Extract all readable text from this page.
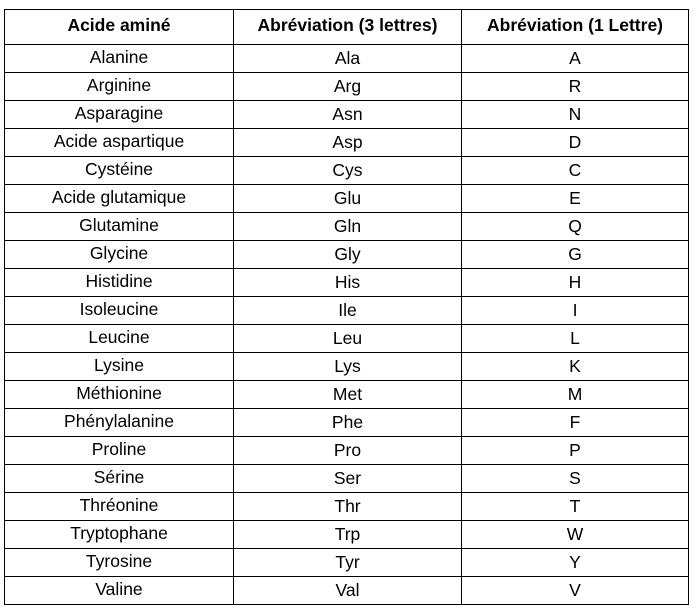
Acide aminé	Abréviation (3 lettres)	Abréviation (1 Lettre)
Alanine	Ala	A
Arginine	Arg	R
Asparagine	Asn	N
Acide aspartique	Asp	D
Cystéine	Cys	C
Acide glutamique	Glu	E
Glutamine	Gln	Q
Glycine	Gly	G
Histidine	His	H
Isoleucine	Ile	I
Leucine	Leu	L
Lysine	Lys	K
Méthionine	Met	M
Phénylalanine	Phe	F
Proline	Pro	P
Sérine	Ser	S
Thréonine	Thr	T
Tryptophane	Trp	W
Tyrosine	Tyr	Y
Valine	Val	V
